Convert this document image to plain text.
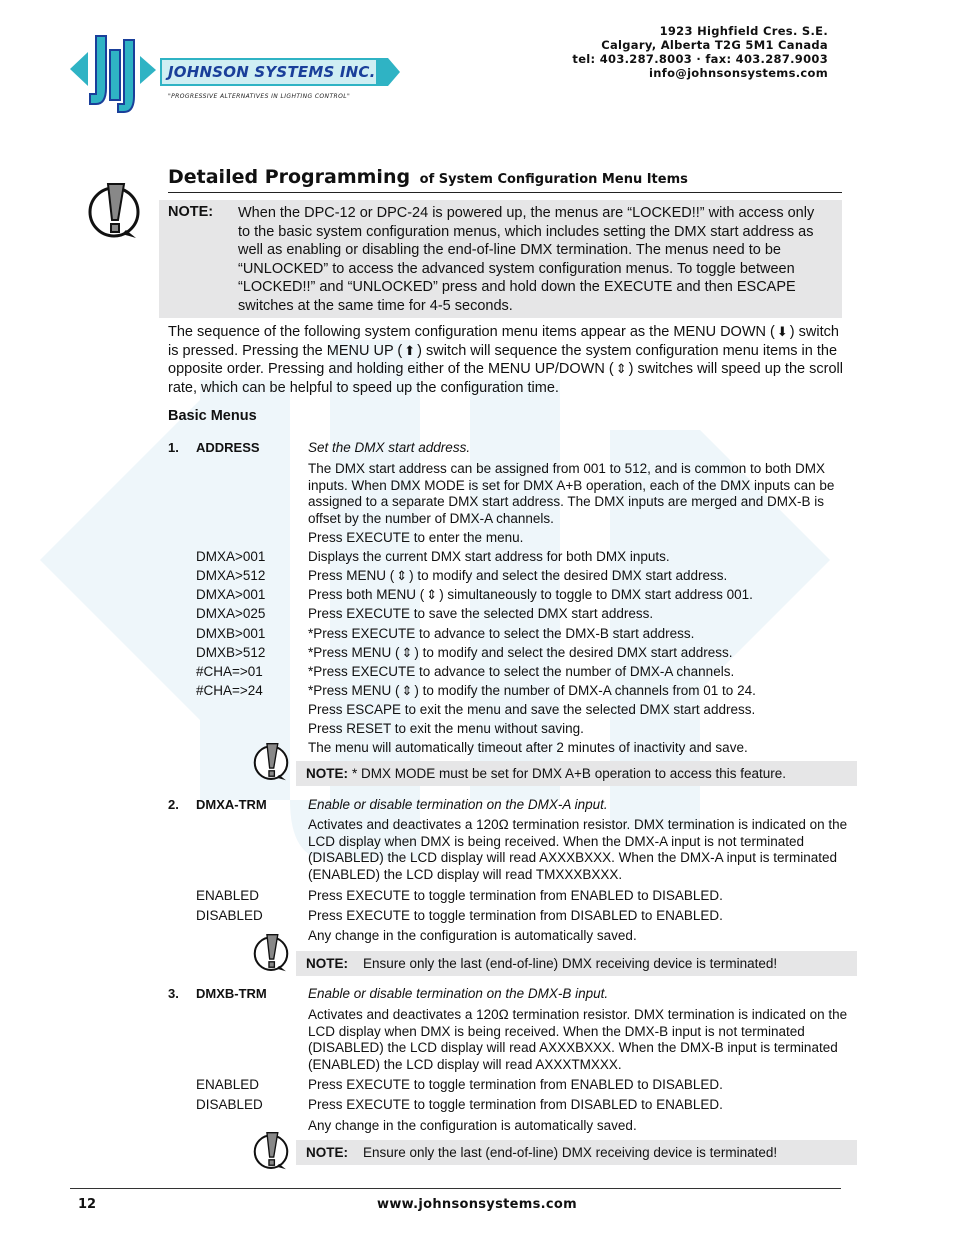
JOHNSON SYSTEMS INC.
"PROGRESSIVE ALTERNATIVES IN LIGHTING CONTROL"
1923 Highfield Cres. S.E.
Calgary, Alberta T2G 5M1 Canada
tel: 403.287.8003 · fax: 403.287.9003
info@johnsonsystems.com
Detailed Programming of System Configuration Menu Items
NOTE: When the DPC-12 or DPC-24 is powered up, the menus are “LOCKED!!” with access only to the basic system configuration menus, which includes setting the DMX start address as well as enabling or disabling the end-of-line DMX termination. The menus need to be “UNLOCKED” to access the advanced system configuration menus. To toggle between “LOCKED!!” and “UNLOCKED” press and hold down the EXECUTE and then ESCAPE switches at the same time for 4-5 seconds.
The sequence of the following system configuration menu items appear as the MENU DOWN ( ⬇ ) switch is pressed. Pressing the MENU UP ( ⬆ ) switch will sequence the system configuration menu items in the opposite order. Pressing and holding either of the MENU UP/DOWN ( ⇕ ) switches will speed up the scroll rate, which can be helpful to speed up the configuration time.
Basic Menus
1. ADDRESS	Set the DMX start address.
The DMX start address can be assigned from 001 to 512, and is common to both DMX inputs. When DMX MODE is set for DMX A+B operation, each of the DMX inputs can be assigned to a separate DMX start address. The DMX inputs are merged and DMX-B is offset by the number of DMX-A channels.
Press EXECUTE to enter the menu.
DMXA>001	Displays the current DMX start address for both DMX inputs.
DMXA>512	Press MENU ( ⇕ ) to modify and select the desired DMX start address.
DMXA>001	Press both MENU ( ⇕ ) simultaneously to toggle to DMX start address 001.
DMXA>025	Press EXECUTE to save the selected DMX start address.
DMXB>001	*Press EXECUTE to advance to select the DMX-B start address.
DMXB>512	*Press MENU ( ⇕ ) to modify and select the desired DMX start address.
#CHA=>01	*Press EXECUTE to advance to select the number of DMX-A channels.
#CHA=>24	*Press MENU ( ⇕ ) to modify the number of DMX-A channels from 01 to 24.
Press ESCAPE to exit the menu and save the selected DMX start address.
Press RESET to exit the menu without saving.
The menu will automatically timeout after 2 minutes of inactivity and save.
NOTE: * DMX MODE must be set for DMX A+B operation to access this feature.
2. DMXA-TRM	Enable or disable termination on the DMX-A input.
Activates and deactivates a 120Ω termination resistor. DMX termination is indicated on the LCD display when DMX is being received. When the DMX-A input is not terminated (DISABLED) the LCD display will read AXXXBXXX. When the DMX-A input is terminated (ENABLED) the LCD display will read TMXXXBXXX.
ENABLED	Press EXECUTE to toggle termination from ENABLED to DISABLED.
DISABLED	Press EXECUTE to toggle termination from DISABLED to ENABLED.
Any change in the configuration is automatically saved.
NOTE: Ensure only the last (end-of-line) DMX receiving device is terminated!
3. DMXB-TRM	Enable or disable termination on the DMX-B input.
Activates and deactivates a 120Ω termination resistor. DMX termination is indicated on the LCD display when DMX is being received. When the DMX-B input is not terminated (DISABLED) the LCD display will read AXXXBXXX. When the DMX-B input is terminated (ENABLED) the LCD display will read AXXXTMXXX.
ENABLED	Press EXECUTE to toggle termination from ENABLED to DISABLED.
DISABLED	Press EXECUTE to toggle termination from DISABLED to ENABLED.
Any change in the configuration is automatically saved.
NOTE: Ensure only the last (end-of-line) DMX receiving device is terminated!
12	www.johnsonsystems.com
